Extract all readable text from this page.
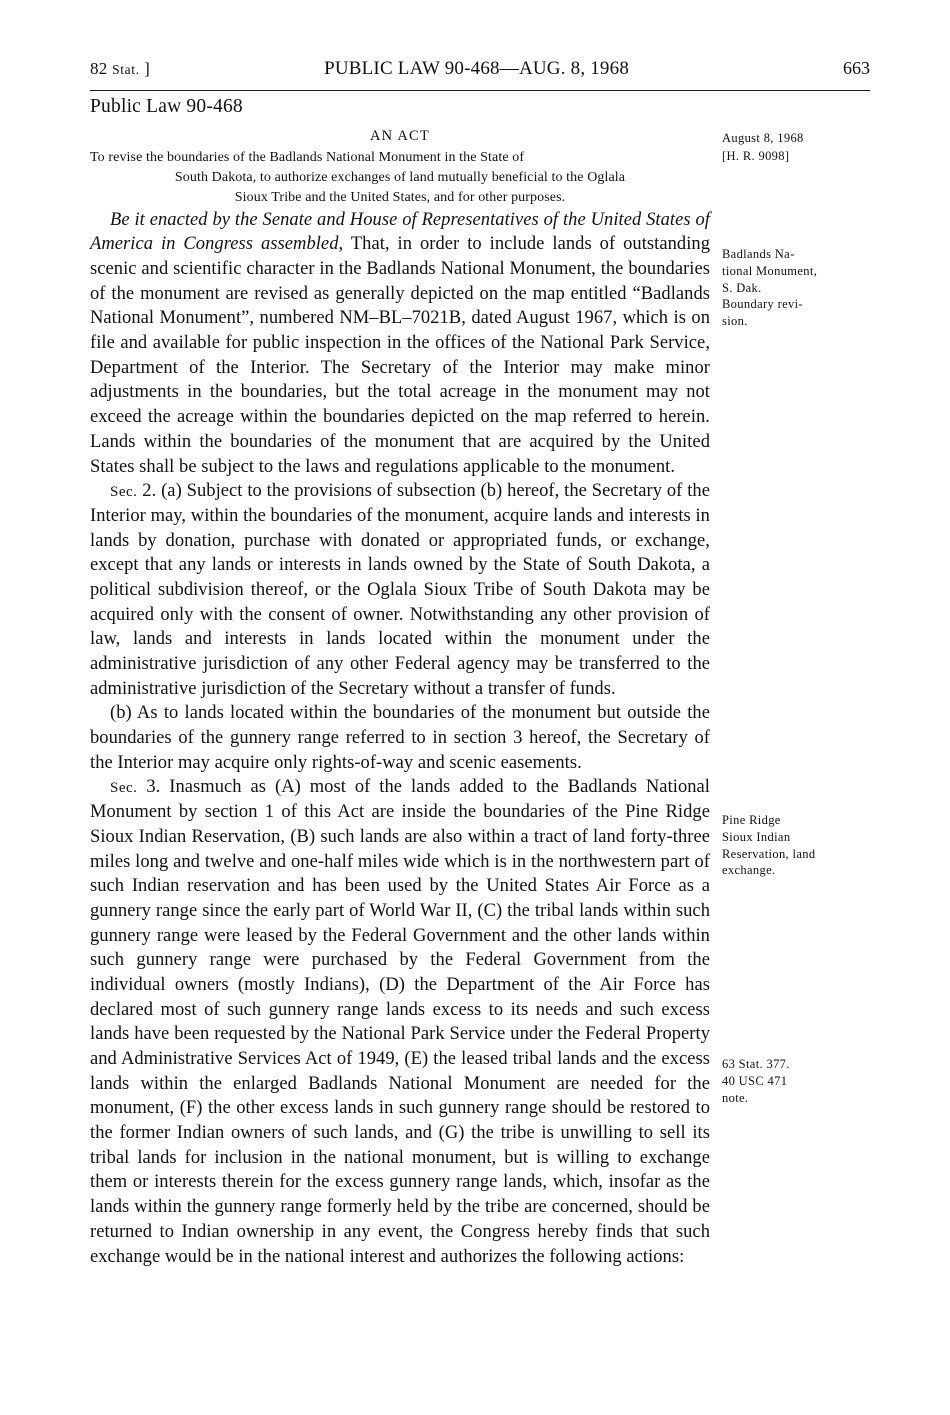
82 Stat. ]	PUBLIC LAW 90-468—AUG. 8, 1968	663
Public Law 90-468
AN ACT
To revise the boundaries of the Badlands National Monument in the State of
South Dakota, to authorize exchanges of land mutually beneficial to the Oglala
Sioux Tribe and the United States, and for other purposes.

Be it enacted by the Senate and House of Representatives of the United States of America in Congress assembled, That, in order to include lands of outstanding scenic and scientific character in the Badlands National Monument, the boundaries of the monument are revised as generally depicted on the map entitled “Badlands National Monument”, numbered NM–BL–7021B, dated August 1967, which is on file and available for public inspection in the offices of the National Park Service, Department of the Interior. The Secretary of the Interior may make minor adjustments in the boundaries, but the total acreage in the monument may not exceed the acreage within the boundaries depicted on the map referred to herein. Lands within the boundaries of the monument that are acquired by the United States shall be subject to the laws and regulations applicable to the monument.

Sec. 2. (a) Subject to the provisions of subsection (b) hereof, the Secretary of the Interior may, within the boundaries of the monument, acquire lands and interests in lands by donation, purchase with donated or appropriated funds, or exchange, except that any lands or interests in lands owned by the State of South Dakota, a political subdivision thereof, or the Oglala Sioux Tribe of South Dakota may be acquired only with the consent of owner. Notwithstanding any other provision of law, lands and interests in lands located within the monument under the administrative jurisdiction of any other Federal agency may be transferred to the administrative jurisdiction of the Secretary without a transfer of funds.

(b) As to lands located within the boundaries of the monument but outside the boundaries of the gunnery range referred to in section 3 hereof, the Secretary of the Interior may acquire only rights-of-way and scenic easements.

Sec. 3. Inasmuch as (A) most of the lands added to the Badlands National Monument by section 1 of this Act are inside the boundaries of the Pine Ridge Sioux Indian Reservation, (B) such lands are also within a tract of land forty-three miles long and twelve and one-half miles wide which is in the northwestern part of such Indian reservation and has been used by the United States Air Force as a gunnery range since the early part of World War II, (C) the tribal lands within such gunnery range were leased by the Federal Government and the other lands within such gunnery range were purchased by the Federal Government from the individual owners (mostly Indians), (D) the Department of the Air Force has declared most of such gunnery range lands excess to its needs and such excess lands have been requested by the National Park Service under the Federal Property and Administrative Services Act of 1949, (E) the leased tribal lands and the excess lands within the enlarged Badlands National Monument are needed for the monument, (F) the other excess lands in such gunnery range should be restored to the former Indian owners of such lands, and (G) the tribe is unwilling to sell its tribal lands for inclusion in the national monument, but is willing to exchange them or interests therein for the excess gunnery range lands, which, insofar as the lands within the gunnery range formerly held by the tribe are concerned, should be returned to Indian ownership in any event, the Congress hereby finds that such exchange would be in the national interest and authorizes the following actions:

August 8, 1968
[H. R. 9098]
Badlands Na-
tional Monument,
S. Dak.
Boundary revi-
sion.
Pine Ridge
Sioux Indian
Reservation, land
exchange.
63 Stat. 377.
40 USC 471
note.
